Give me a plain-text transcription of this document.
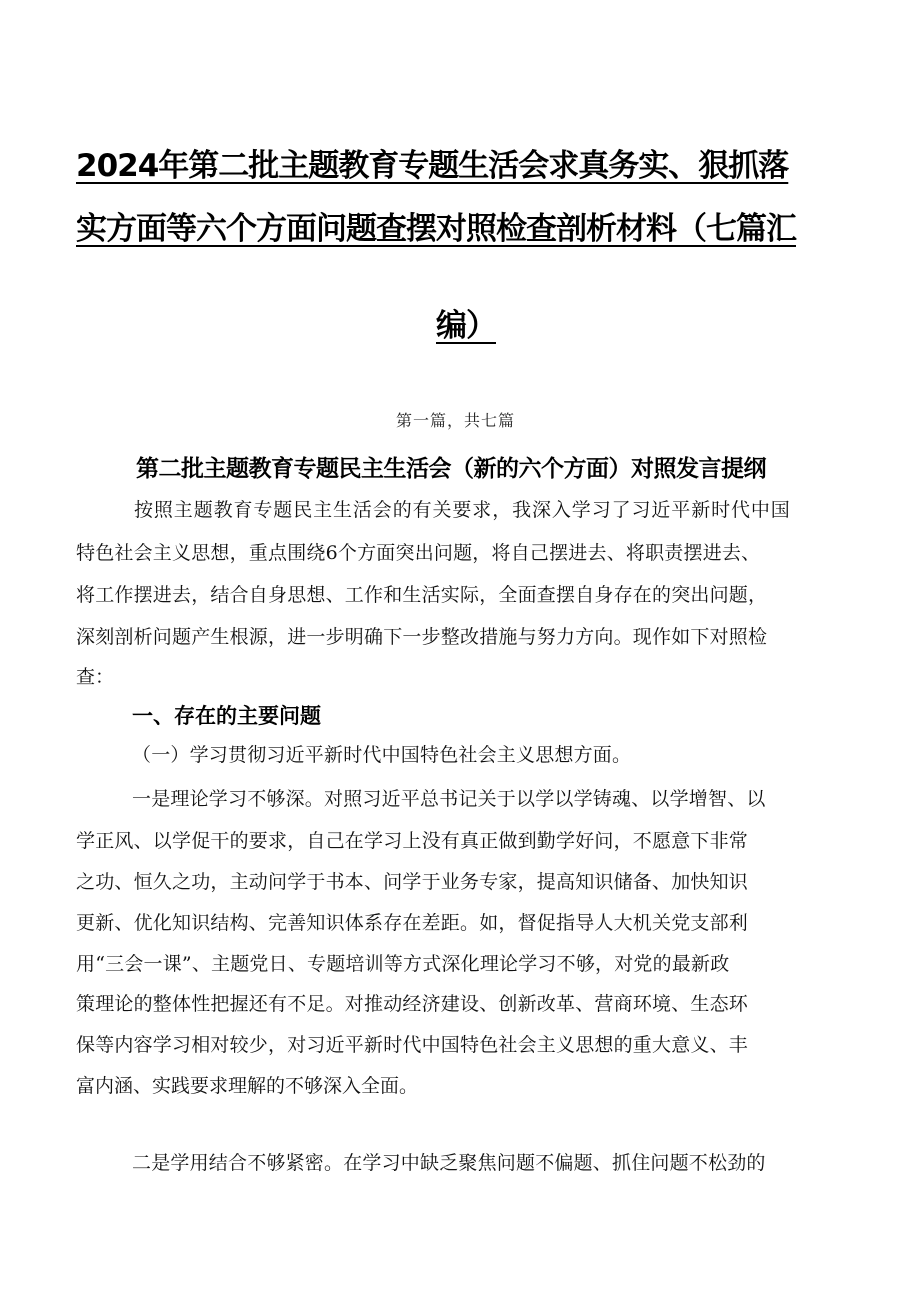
2024年第二批主题教育专题生活会求真务实、狠抓落
实方面等六个方面问题查摆对照检查剖析材料（七篇汇
编）
第一篇，共七篇
第二批主题教育专题民主生活会（新的六个方面）对照发言提纲
按照主题教育专题民主生活会的有关要求，我深入学习了习近平新时代中国
特色社会主义思想，重点围绕6个方面突出问题，将自己摆进去、将职责摆进去、
将工作摆进去，结合自身思想、工作和生活实际，全面查摆自身存在的突出问题，
深刻剖析问题产生根源，进一步明确下一步整改措施与努力方向。现作如下对照检
查：
一、存在的主要问题
（一）学习贯彻习近平新时代中国特色社会主义思想方面。
一是理论学习不够深。对照习近平总书记关于以学以学铸魂、以学增智、以
学正风、以学促干的要求，自己在学习上没有真正做到勤学好问，不愿意下非常
之功、恒久之功，主动问学于书本、问学于业务专家，提高知识储备、加快知识
更新、优化知识结构、完善知识体系存在差距。如，督促指导人大机关党支部利
用“三会一课”、主题党日、专题培训等方式深化理论学习不够，对党的最新政
策理论的整体性把握还有不足。对推动经济建设、创新改革、营商环境、生态环
保等内容学习相对较少，对习近平新时代中国特色社会主义思想的重大意义、丰
富内涵、实践要求理解的不够深入全面。
二是学用结合不够紧密。在学习中缺乏聚焦问题不偏题、抓住问题不松劲的
